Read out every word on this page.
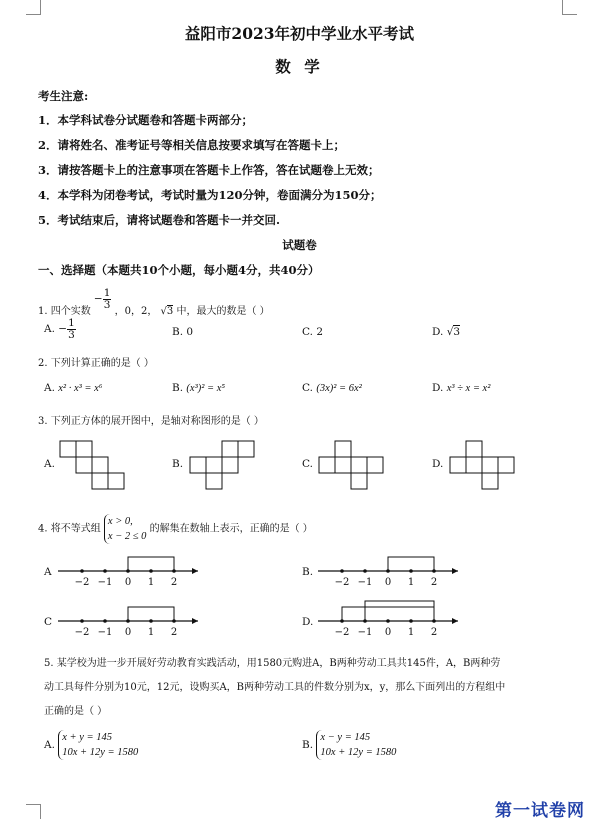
益阳市2023年初中学业水平考试
数 学
考生注意:
1．本学科试卷分试题卷和答题卡两部分；
2．请将姓名、准考证号等相关信息按要求填写在答题卡上；
3．请按答题卡上的注意事项在答题卡上作答，答在试题卷上无效；
4．本学科为闭卷考试，考试时量为120分钟，卷面满分为150分；
5．考试结束后，请将试题卷和答题卡一并交回.
试题卷
一、选择题（本题共10个小题，每小题4分，共40分）
1. 四个实数 − $\frac{1}{3}$
，0，2， √3 中，最大的数是（ ）
A. − $\frac{1}{3}$	B. 0	C. 2	D. √3
2. 下列计算正确的是（ ）
A. x² · x³ = x⁶	B. (x³)² = x⁵	C. (3x)² = 6x²	D. x³ ÷ x = x²
3. 下列正方体的展开图中，是轴对称图形的是（ ）
A.	B.	C.	D.
4. 将不等式组 x > 0,
x − 2 ≤ 0 的解集在数轴上表示，正确的是（ ）
A	B.
C	D.
−2 −1 0 1 2	−2 −1 0 1 2
−2 −1 0 1 2	−2 −1 0 1 2
5. 某学校为进一步开展好劳动教育实践活动，用1580元购进A，B两种劳动工具共145件，A，B两种劳
动工具每件分别为10元，12元，设购买A，B两种劳动工具的件数分别为x，y，那么下面列出的方程组中
正确的是（ ）
A. x + y = 145
10x + 12y = 1580
B. x − y = 145
10x + 12y = 1580
第一试卷网
